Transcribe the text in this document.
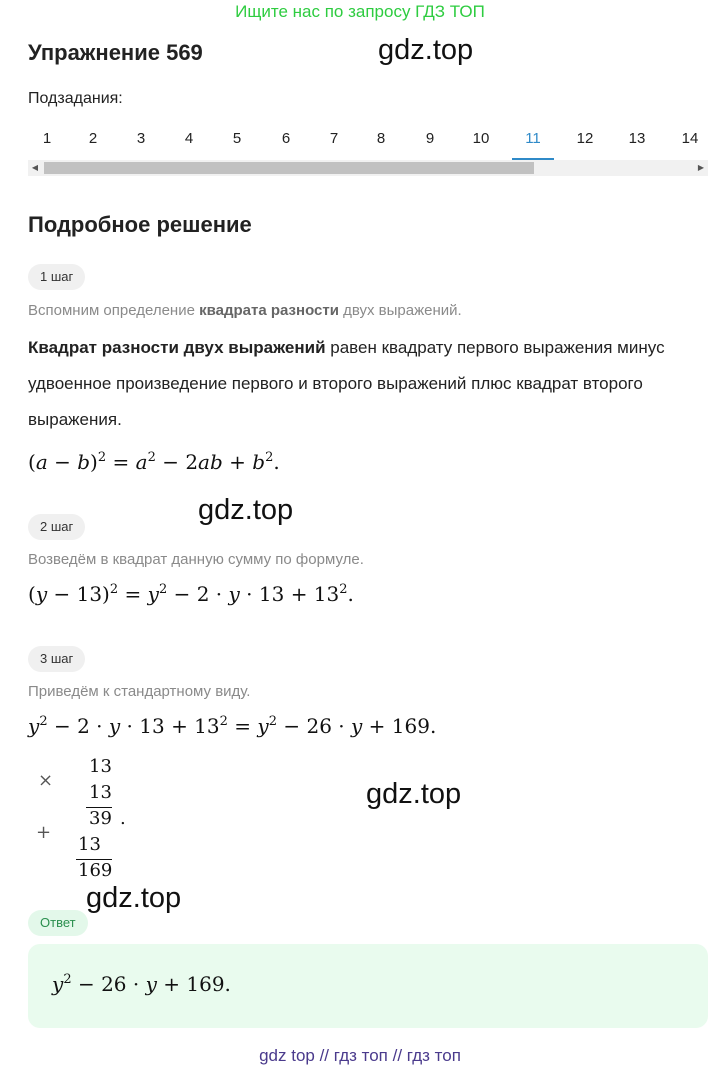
Ищите нас по запросу ГДЗ ТОП
Упражнение 569	gdz.top
Подзадания:
1	2	3	4	5	6	7	8	9	10	11	12	13	14
◀	▶
Подробное решение
1 шаг
Вспомним определение квадрата разности двух выражений.
Квадрат разности двух выражений равен квадрату первого выражения минус удвоенное произведение первого и второго выражений плюс квадрат второго выражения.
$(a - b)^2 = a^2 - 2ab + b^2$.
gdz.top
2 шаг
Возведём в квадрат данную сумму по формуле.
$(y - 13)^2 = y^2 - 2 \cdot y \cdot 13 + 13^2$.
3 шаг
Приведём к стандартному виду.
$y^2 - 2 \cdot y \cdot 13 + 13^2 = y^2 - 26 \cdot y + 169$.
×
13
13
39 .
+
13
169
gdz.top
gdz.top
Ответ
$y^2 - 26 \cdot y + 169$.
gdz top // гдз топ // гдз топ
